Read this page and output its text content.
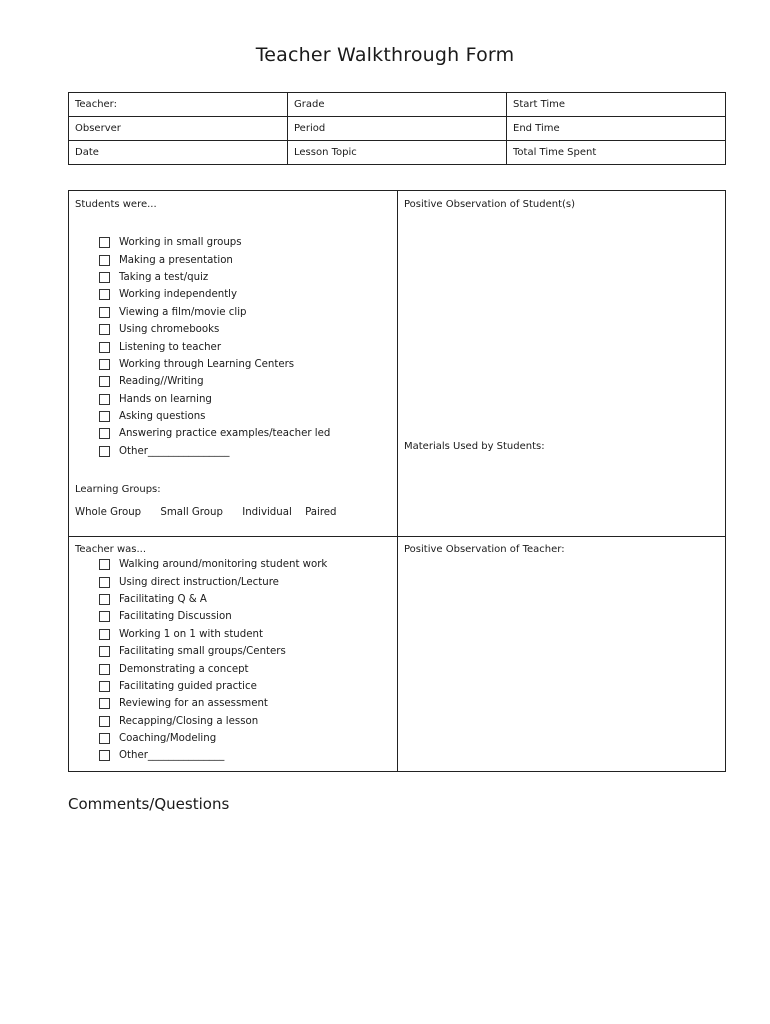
Teacher Walkthrough Form
Teacher:	Grade	Start Time
Observer	Period	End Time
Date	Lesson Topic	Total Time Spent
Students were...
Working in small groups
Making a presentation
Taking a test/quiz
Working independently
Viewing a film/movie clip
Using chromebooks
Listening to teacher
Working through Learning Centers
Reading//Writing
Hands on learning
Asking questions
Answering practice examples/teacher led
Other________________
Learning Groups:
Whole Group Small Group Individual Paired
Positive Observation of Student(s)
Materials Used by Students:
Teacher was...
Walking around/monitoring student work
Using direct instruction/Lecture
Facilitating Q & A
Facilitating Discussion
Working 1 on 1 with student
Facilitating small groups/Centers
Demonstrating a concept
Facilitating guided practice
Reviewing for an assessment
Recapping/Closing a lesson
Coaching/Modeling
Other_______________
Positive Observation of Teacher:
Comments/Questions
